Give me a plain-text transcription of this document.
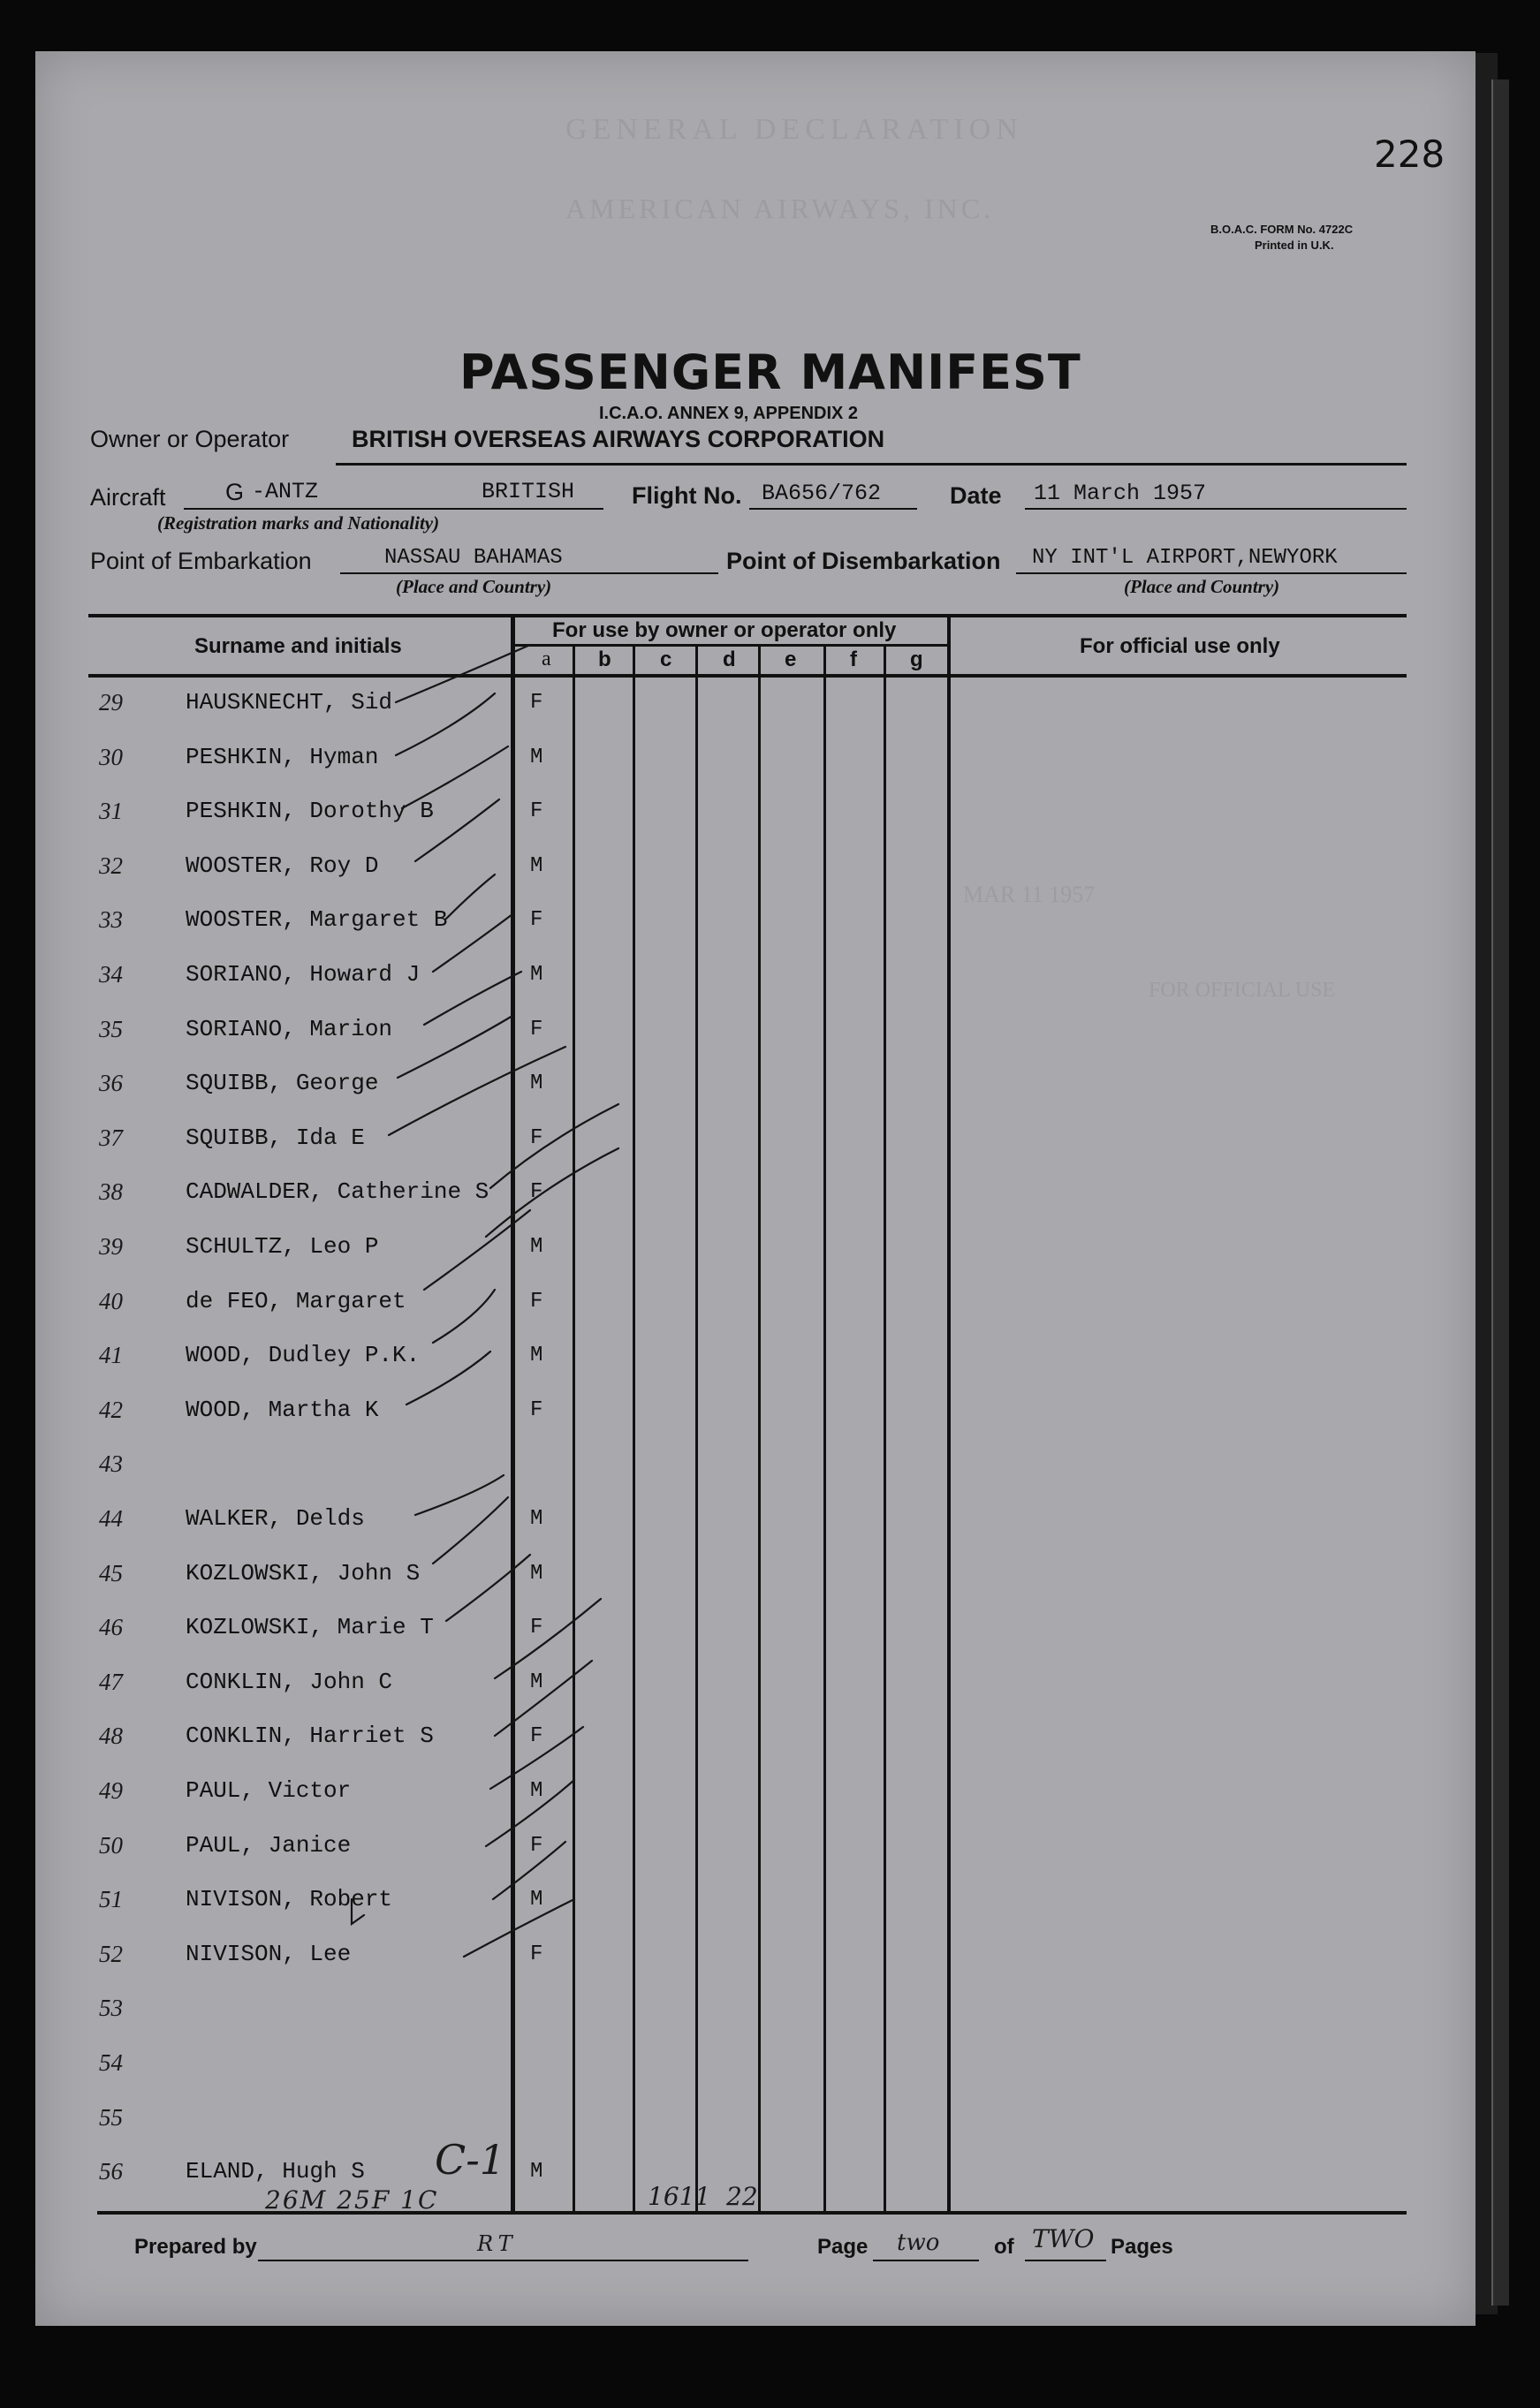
GENERAL DECLARATION
AMERICAN AIRWAYS, INC.
MAR 11 1957
FOR OFFICIAL USE
228
B.O.A.C. FORM No. 4722C
Printed in U.K.
PASSENGER MANIFEST
I.C.A.O. ANNEX 9, APPENDIX 2
Owner or Operator	BRITISH OVERSEAS AIRWAYS CORPORATION
Aircraft G -ANTZ	BRITISH
(Registration marks and Nationality)
Flight No. BA656/762	Date 11 March 1957
Point of Embarkation	NASSAU BAHAMAS
(Place and Country)
Point of Disembarkation NY INT'L AIRPORT,NEWYORK
(Place and Country)
Surname and initials
For use by owner or operator only
For official use only
a b c d e	f	g
29	HAUSKNECHT, Sid	F
30	PESHKIN, Hyman	M
31	PESHKIN, Dorothy B	F
32	WOOSTER, Roy D	M
33	WOOSTER, Margaret B	F
34	SORIANO, Howard J	M
35	SORIANO, Marion	F
36	SQUIBB, George	M
37	SQUIBB, Ida E	F
38	CADWALDER, Catherine S F
39	SCHULTZ, Leo P	M
40	de FEO, Margaret	F
41	WOOD, Dudley P.K.	M
42	WOOD, Martha K	F
43
44	WALKER, Delds	M
45	KOZLOWSKI, John S	M
46	KOZLOWSKI, Marie T	F
47	CONKLIN, John C	M
48	CONKLIN, Harriet S	F
49	PAUL, Victor	M
50	PAUL, Janice	F
51	NIVISON, Robert	M
52	NIVISON, Lee	F
53
54
55
56	ELAND, Hugh S	M
C-1
26M 25F 1C	1611 22
Prepared by	RT	Page two	of TWO Pages
